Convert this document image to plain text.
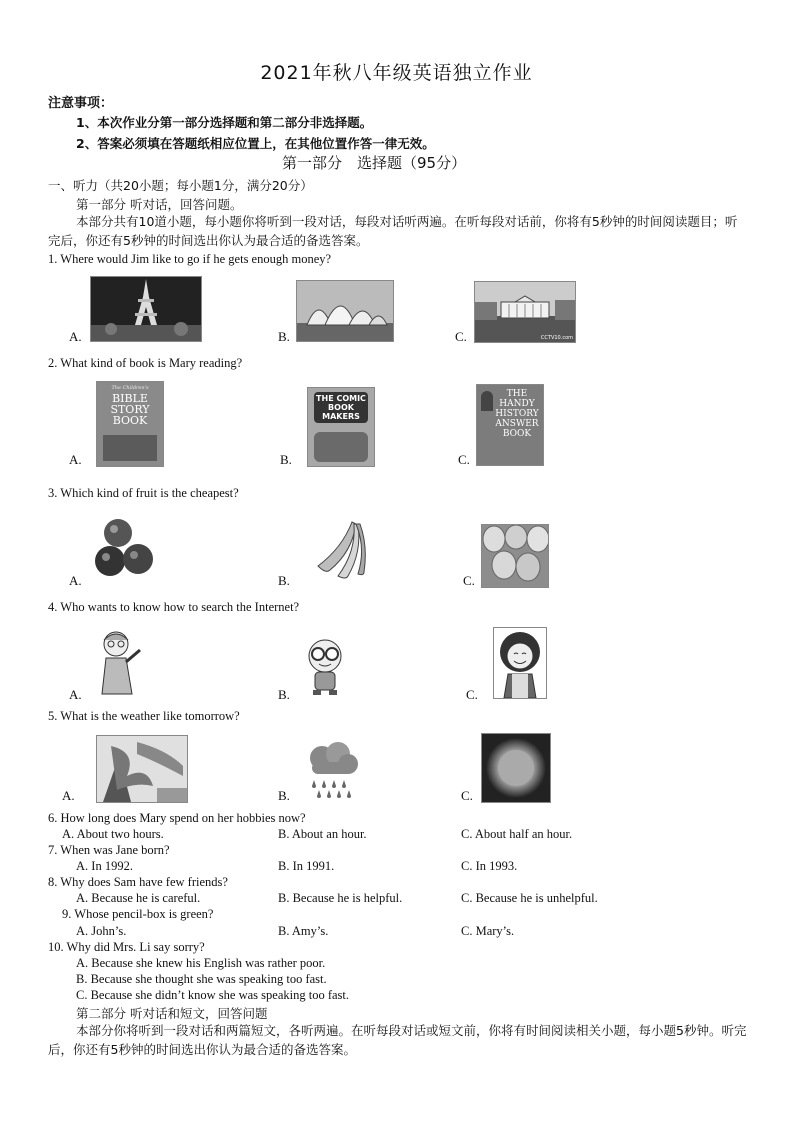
2021年秋八年级英语独立作业
注意事项：
1、本次作业分第一部分选择题和第二部分非选择题。
2、答案必须填在答题纸相应位置上，在其他位置作答一律无效。
第一部分　选择题（95分）
一、听力（共20小题；每小题1分，满分20分）
第一部分 听对话，回答问题。
本部分共有10道小题，每小题你将听到一段对话，每段对话听两遍。在听每段对话前，你将有5秒钟的时间阅读题目；听完后，你还有5秒钟的时间选出你认为最合适的备选答案。
1. Where would Jim like to go if he gets enough money?
A.	B.	C.	CCTV10.com
2. What kind of book is Mary reading?
A.
The Children's
BIBLE STORY BOOK
B.
THE COMIC BOOK MAKERS
C.
THE HANDY HISTORY ANSWER BOOK
3. Which kind of fruit is the cheapest?
A.	B.	C.
4. Who wants to know how to search the Internet?
A.	B.	C.
5. What is the weather like tomorrow?
A.	B.	C.
6. How long does Mary spend on her hobbies now?
A. About two hours.	B. About an hour.	C. About half an hour.
7. When was Jane born?
A. In 1992.	B. In 1991.	C. In 1993.
8. Why does Sam have few friends?
A. Because he is careful.	B. Because he is helpful.	C. Because he is unhelpful.
9. Whose pencil-box is green?
A. John’s.	B. Amy’s.	C. Mary’s.
10. Why did Mrs. Li say sorry?
A. Because she knew his English was rather poor.
B. Because she thought she was speaking too fast.
C. Because she didn’t know she was speaking too fast.
第二部分 听对话和短文，回答问题
本部分你将听到一段对话和两篇短文，各听两遍。在听每段对话或短文前，你将有时间阅读相关小题，每小题5秒钟。听完后，你还有5秒钟的时间选出你认为最合适的备选答案。
